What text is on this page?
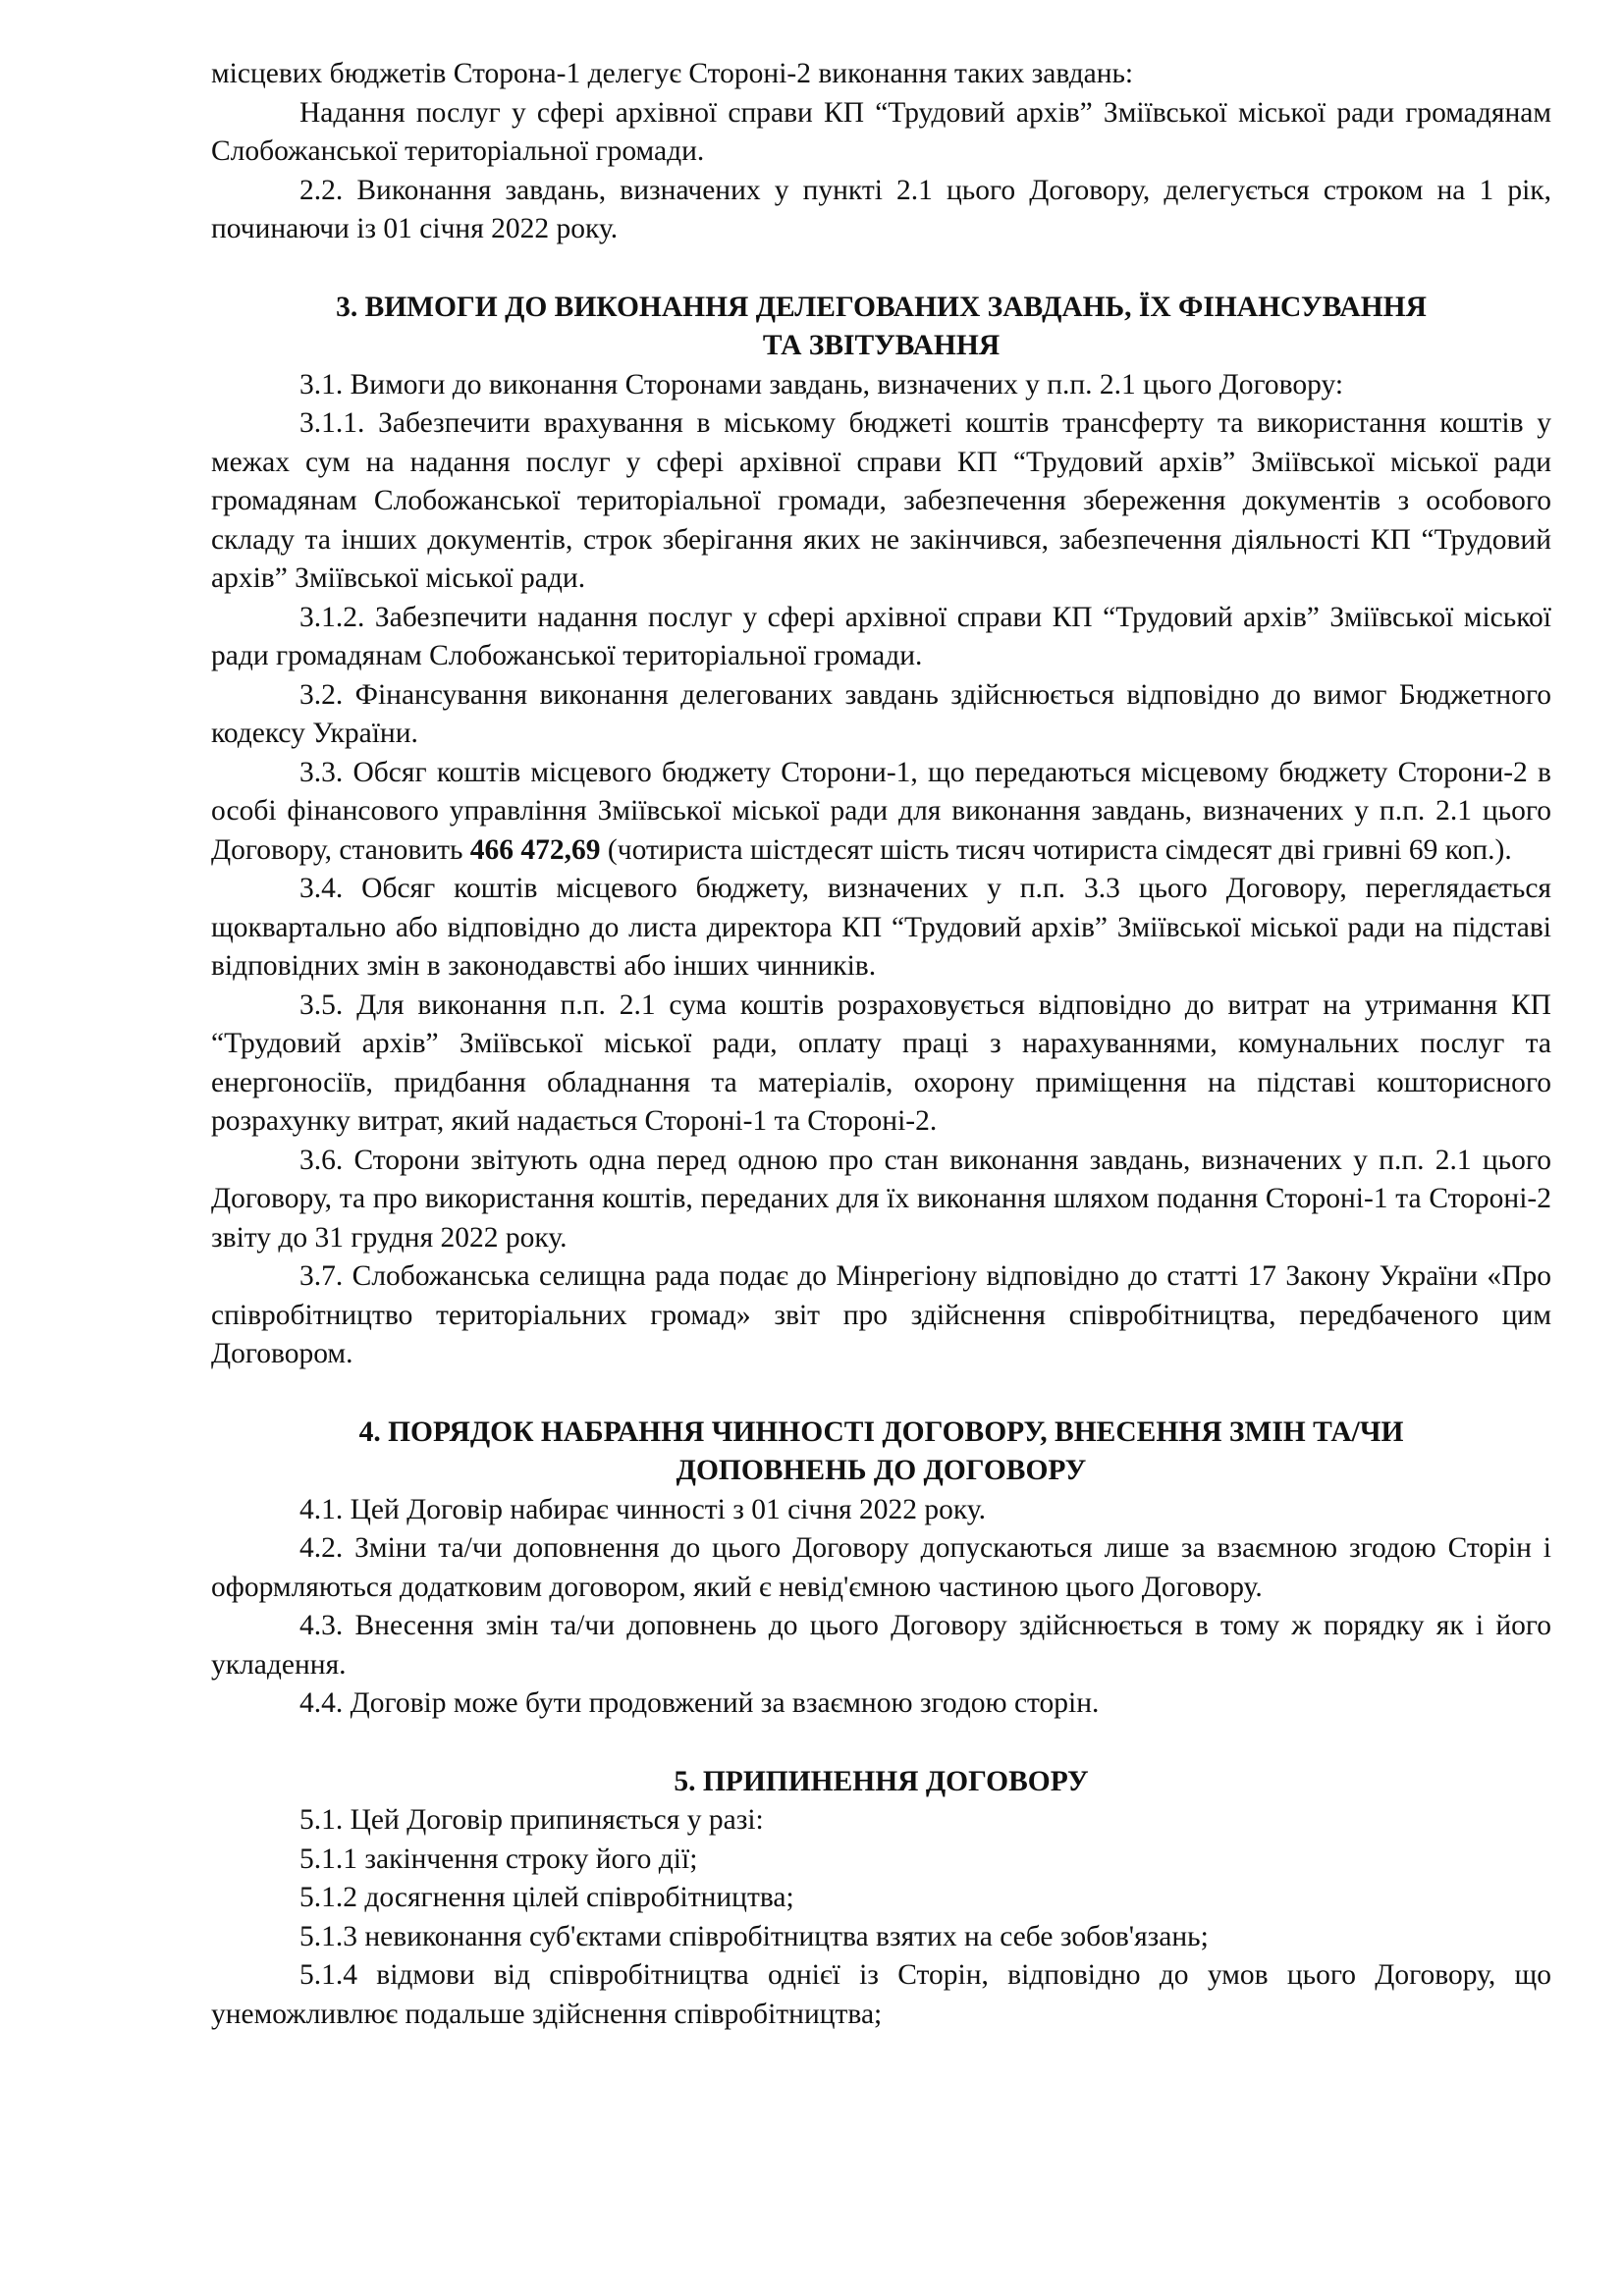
місцевих бюджетів Сторона-1 делегує Стороні-2 виконання таких завдань:

Надання послуг у сфері архівної справи КП “Трудовий архів” Зміївської міської ради громадянам Слобожанської територіальної громади.

2.2. Виконання завдань, визначених у пункті 2.1 цього Договору, делегується строком на 1 рік, починаючи із 01 січня 2022 року.

3. ВИМОГИ ДО ВИКОНАННЯ ДЕЛЕГОВАНИХ ЗАВДАНЬ, ЇХ ФІНАНСУВАННЯ
ТА ЗВІТУВАННЯ

3.1. Вимоги до виконання Сторонами завдань, визначених у п.п. 2.1 цього Договору:

3.1.1. Забезпечити врахування в міському бюджеті коштів трансферту та використання коштів у межах сум на надання послуг у сфері архівної справи КП “Трудовий архів” Зміївської міської ради громадянам Слобожанської територіальної громади, забезпечення збереження документів з особового складу та інших документів, строк зберігання яких не закінчився, забезпечення діяльності КП “Трудовий архів” Зміївської міської ради.

3.1.2. Забезпечити надання послуг у сфері архівної справи КП “Трудовий архів” Зміївської міської ради громадянам Слобожанської територіальної громади.

3.2. Фінансування виконання делегованих завдань здійснюється відповідно до вимог Бюджетного кодексу України.

3.3. Обсяг коштів місцевого бюджету Сторони-1, що передаються місцевому бюджету Сторони-2 в особі фінансового управління Зміївської міської ради для виконання завдань, визначених у п.п. 2.1 цього Договору, становить 466 472,69 (чотириста шістдесят шість тисяч чотириста сімдесят дві гривні 69 коп.).

3.4. Обсяг коштів місцевого бюджету, визначених у п.п. 3.3 цього Договору, переглядається щоквартально або відповідно до листа директора КП “Трудовий архів” Зміївської міської ради на підставі відповідних змін в законодавстві або інших чинників.

3.5. Для виконання п.п. 2.1 сума коштів розраховується відповідно до витрат на утримання КП “Трудовий архів” Зміївської міської ради, оплату праці з нарахуваннями, комунальних послуг та енергоносіїв, придбання обладнання та матеріалів, охорону приміщення на підставі кошторисного розрахунку витрат, який надається Стороні-1 та Стороні-2.

3.6. Сторони звітують одна перед одною про стан виконання завдань, визначених у п.п. 2.1 цього Договору, та про використання коштів, переданих для їх виконання шляхом подання Стороні-1 та Стороні-2 звіту до 31 грудня 2022 року.

3.7. Слобожанська селищна рада подає до Мінрегіону відповідно до статті 17 Закону України «Про співробітництво територіальних громад» звіт про здійснення співробітництва, передбаченого цим Договором.

4. ПОРЯДОК НАБРАННЯ ЧИННОСТІ ДОГОВОРУ, ВНЕСЕННЯ ЗМІН ТА/ЧИ
ДОПОВНЕНЬ ДО ДОГОВОРУ

4.1. Цей Договір набирає чинності з 01 січня 2022 року.

4.2. Зміни та/чи доповнення до цього Договору допускаються лише за взаємною згодою Сторін і оформляються додатковим договором, який є невід'ємною частиною цього Договору.

4.3. Внесення змін та/чи доповнень до цього Договору здійснюється в тому ж порядку як і його укладення.

4.4. Договір може бути продовжений за взаємною згодою сторін.

5. ПРИПИНЕННЯ ДОГОВОРУ

5.1. Цей Договір припиняється у разі:

5.1.1 закінчення строку його дії;

5.1.2 досягнення цілей співробітництва;

5.1.3 невиконання суб'єктами співробітництва взятих на себе зобов'язань;

5.1.4 відмови від співробітництва однієї із Сторін, відповідно до умов цього Договору, що унеможливлює подальше здійснення співробітництва;
